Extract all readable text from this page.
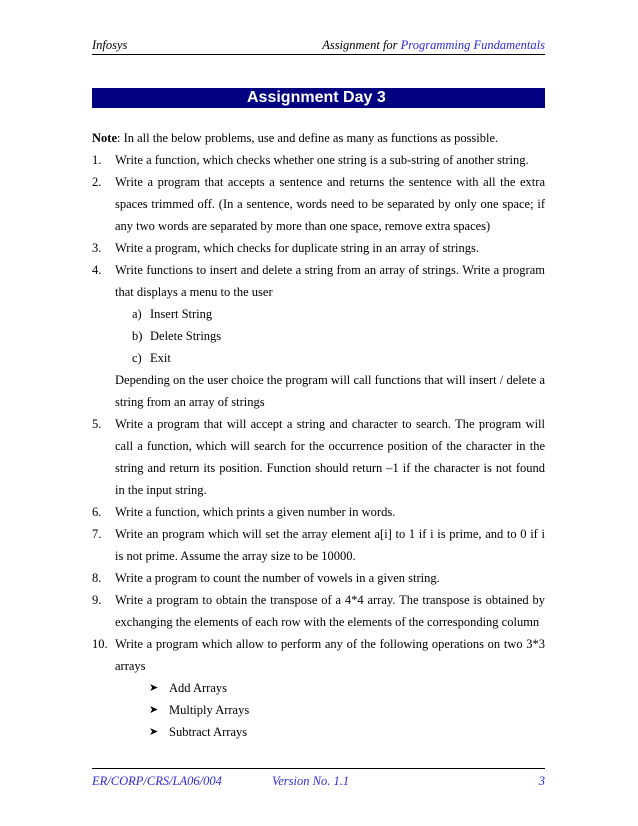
Infosys	Assignment for Programming Fundamentals
Assignment Day 3

Note: In all the below problems, use and define as many as functions as possible.

1.	Write a function, which checks whether one string is a sub-string of another string.
2.	Write a program that accepts a sentence and returns the sentence with all the extra spaces trimmed off. (In a sentence, words need to be separated by only one space; if any two words are separated by more than one space, remove extra spaces)
3.	Write a program, which checks for duplicate string in an array of strings.
4.	Write functions to insert and delete a string from an array of strings. Write a program that displays a menu to the user
a) Insert String
b) Delete Strings
c) Exit
Depending on the user choice the program will call functions that will insert / delete a string from an array of strings
5.	Write a program that will accept a string and character to search. The program will call a function, which will search for the occurrence position of the character in the string and return its position. Function should return –1 if the character is not found in the input string.
6.	Write a function, which prints a given number in words.
7.	Write an program which will set the array element a[i] to 1 if i is prime, and to 0 if i is not prime. Assume the array size to be 10000.
8.	Write a program to count the number of vowels in a given string.
9.	Write a program to obtain the transpose of a 4*4 array. The transpose is obtained by exchanging the elements of each row with the elements of the corresponding column
10. Write a program which allow to perform any of the following operations on two 3*3 arrays
➤ Add Arrays
➤ Multiply Arrays
➤ Subtract Arrays
ER/CORP/CRS/LA06/004	Version No. 1.1	3
